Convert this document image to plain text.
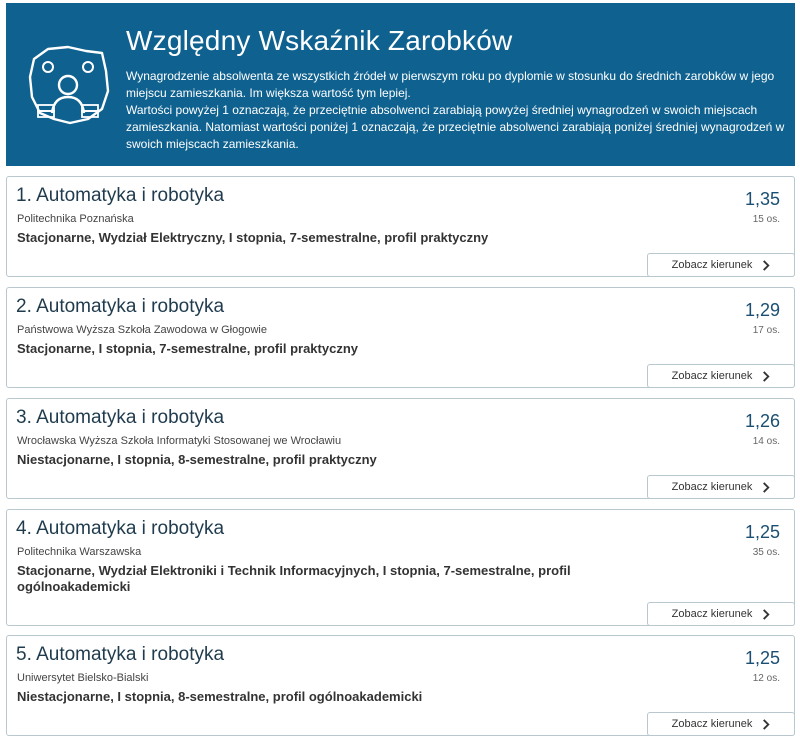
Względny Wskaźnik Zarobków

Wynagrodzenie absolwenta ze wszystkich źródeł w pierwszym roku po dyplomie w stosunku do średnich zarobków w jego miejscu zamieszkania. Im większa wartość tym lepiej.

Wartości powyżej 1 oznaczają, że przeciętnie absolwenci zarabiają powyżej średniej wynagrodzeń w swoich miejscach zamieszkania. Natomiast wartości poniżej 1 oznaczają, że przeciętnie absolwenci zarabiają poniżej średniej wynagrodzeń w swoich miejscach zamieszkania.

1. Automatyka i robotyka
Politechnika Poznańska
Stacjonarne, Wydział Elektryczny, I stopnia, 7-semestralne, profil praktyczny
1,35
15 os.
Zobacz kierunek
2. Automatyka i robotyka
Państwowa Wyższa Szkoła Zawodowa w Głogowie
Stacjonarne, I stopnia, 7-semestralne, profil praktyczny
1,29
17 os.
Zobacz kierunek
3. Automatyka i robotyka
Wrocławska Wyższa Szkoła Informatyki Stosowanej we Wrocławiu
Niestacjonarne, I stopnia, 8-semestralne, profil praktyczny
1,26
14 os.
Zobacz kierunek
4. Automatyka i robotyka
Politechnika Warszawska
Stacjonarne, Wydział Elektroniki i Technik Informacyjnych, I stopnia, 7-semestralne, profil ogólnoakademicki
1,25
35 os.
Zobacz kierunek
5. Automatyka i robotyka
Uniwersytet Bielsko-Bialski
Niestacjonarne, I stopnia, 8-semestralne, profil ogólnoakademicki
1,25
12 os.
Zobacz kierunek
